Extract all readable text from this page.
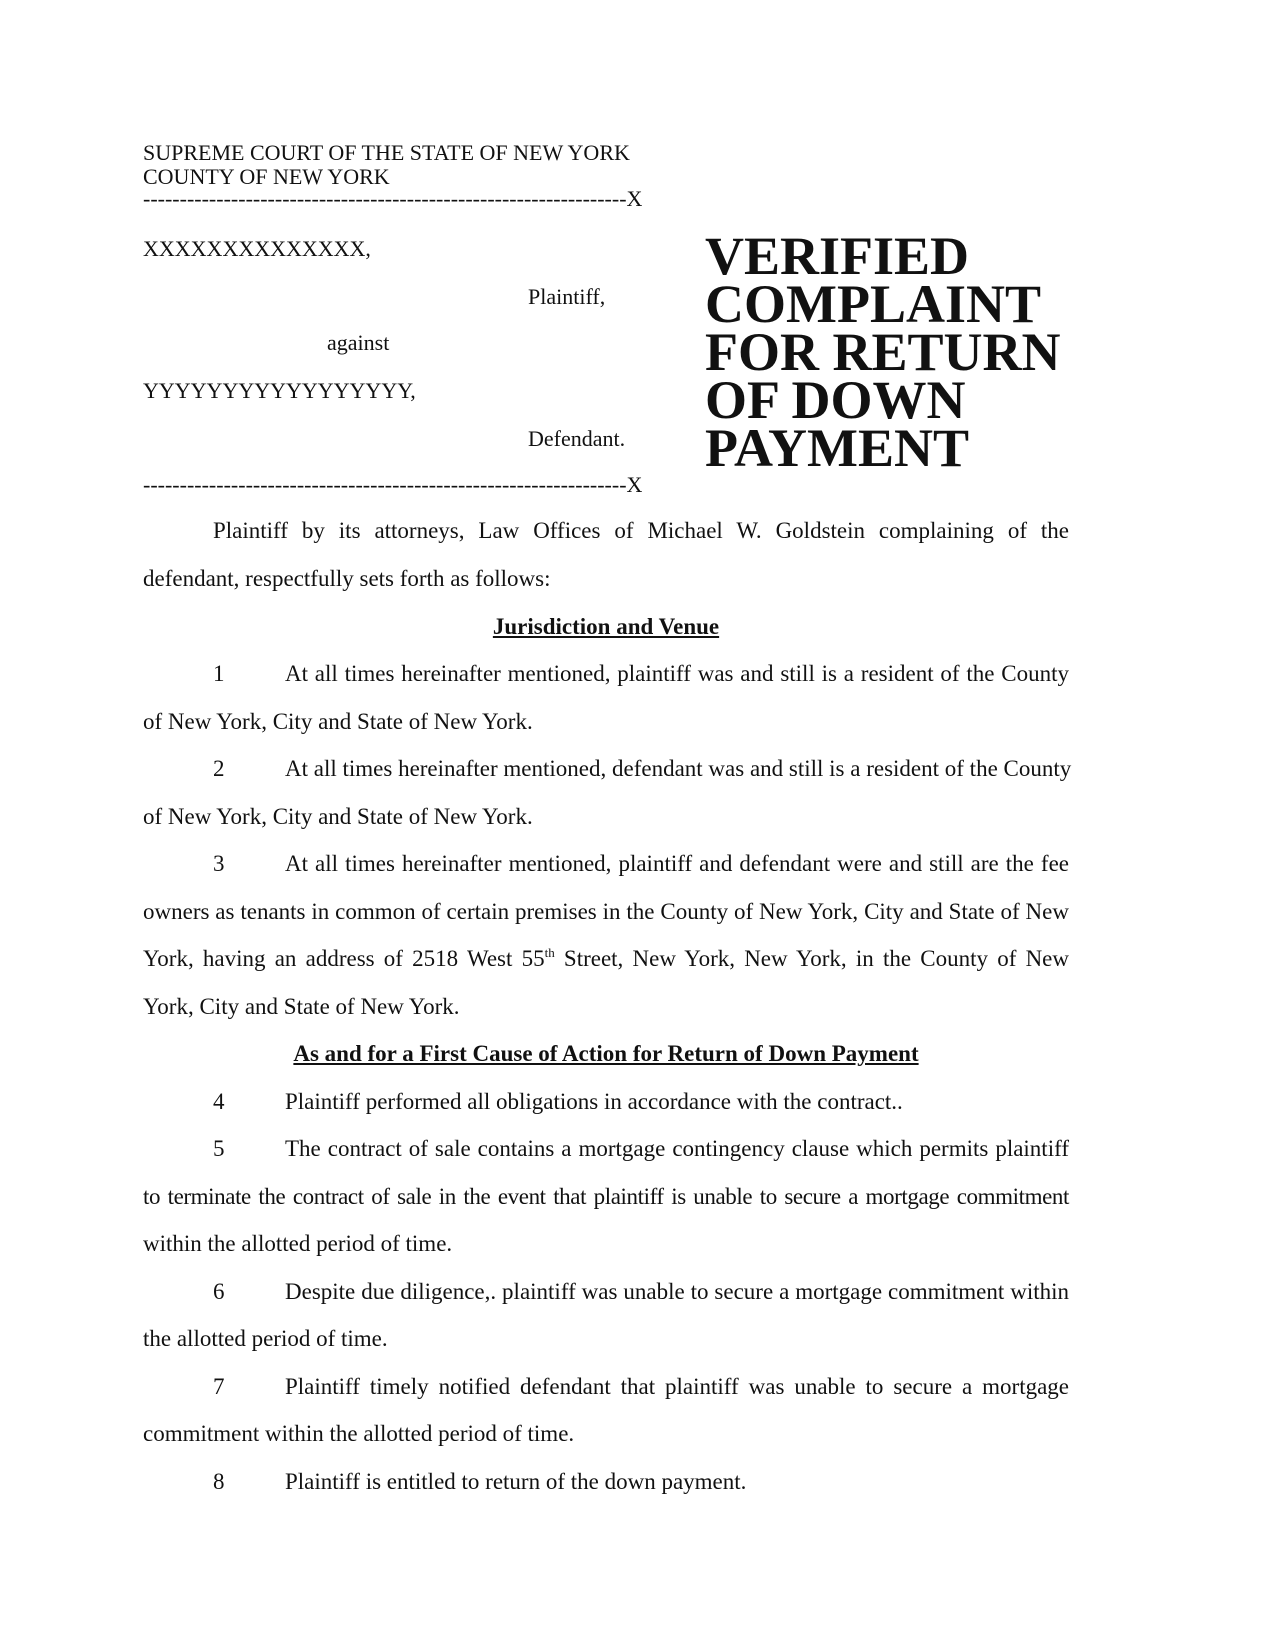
SUPREME COURT OF THE STATE OF NEW YORK
COUNTY OF NEW YORK
------------------------------------------------------------------X
XXXXXXXXXXXXXX,
Plaintiff,
against
YYYYYYYYYYYYYYYYY,
Defendant.
------------------------------------------------------------------X
VERIFIED
COMPLAINT
FOR RETURN
OF DOWN
PAYMENT
Plaintiff by its attorneys, Law Offices of Michael W. Goldstein complaining of the
defendant, respectfully sets forth as follows:
Jurisdiction and Venue
1	At all times hereinafter mentioned, plaintiff was and still is a resident of the County
of New York, City and State of New York.
2	At all times hereinafter mentioned, defendant was and still is a resident of the County
of New York, City and State of New York.
3	At all times hereinafter mentioned, plaintiff and defendant were and still are the fee
owners as tenants in common of certain premises in the County of New York, City and State of New
York, having an address of 2518 West 55th Street, New York, New York, in the County of New
York, City and State of New York.
As and for a First Cause of Action for Return of Down Payment
4	Plaintiff performed all obligations in accordance with the contract..
5	The contract of sale contains a mortgage contingency clause which permits plaintiff
to terminate the contract of sale in the event that plaintiff is unable to secure a mortgage commitment
within the allotted period of time.
6	Despite due diligence,. plaintiff was unable to secure a mortgage commitment within
the allotted period of time.
7	Plaintiff timely notified defendant that plaintiff was unable to secure a mortgage
commitment within the allotted period of time.
8	Plaintiff is entitled to return of the down payment.
